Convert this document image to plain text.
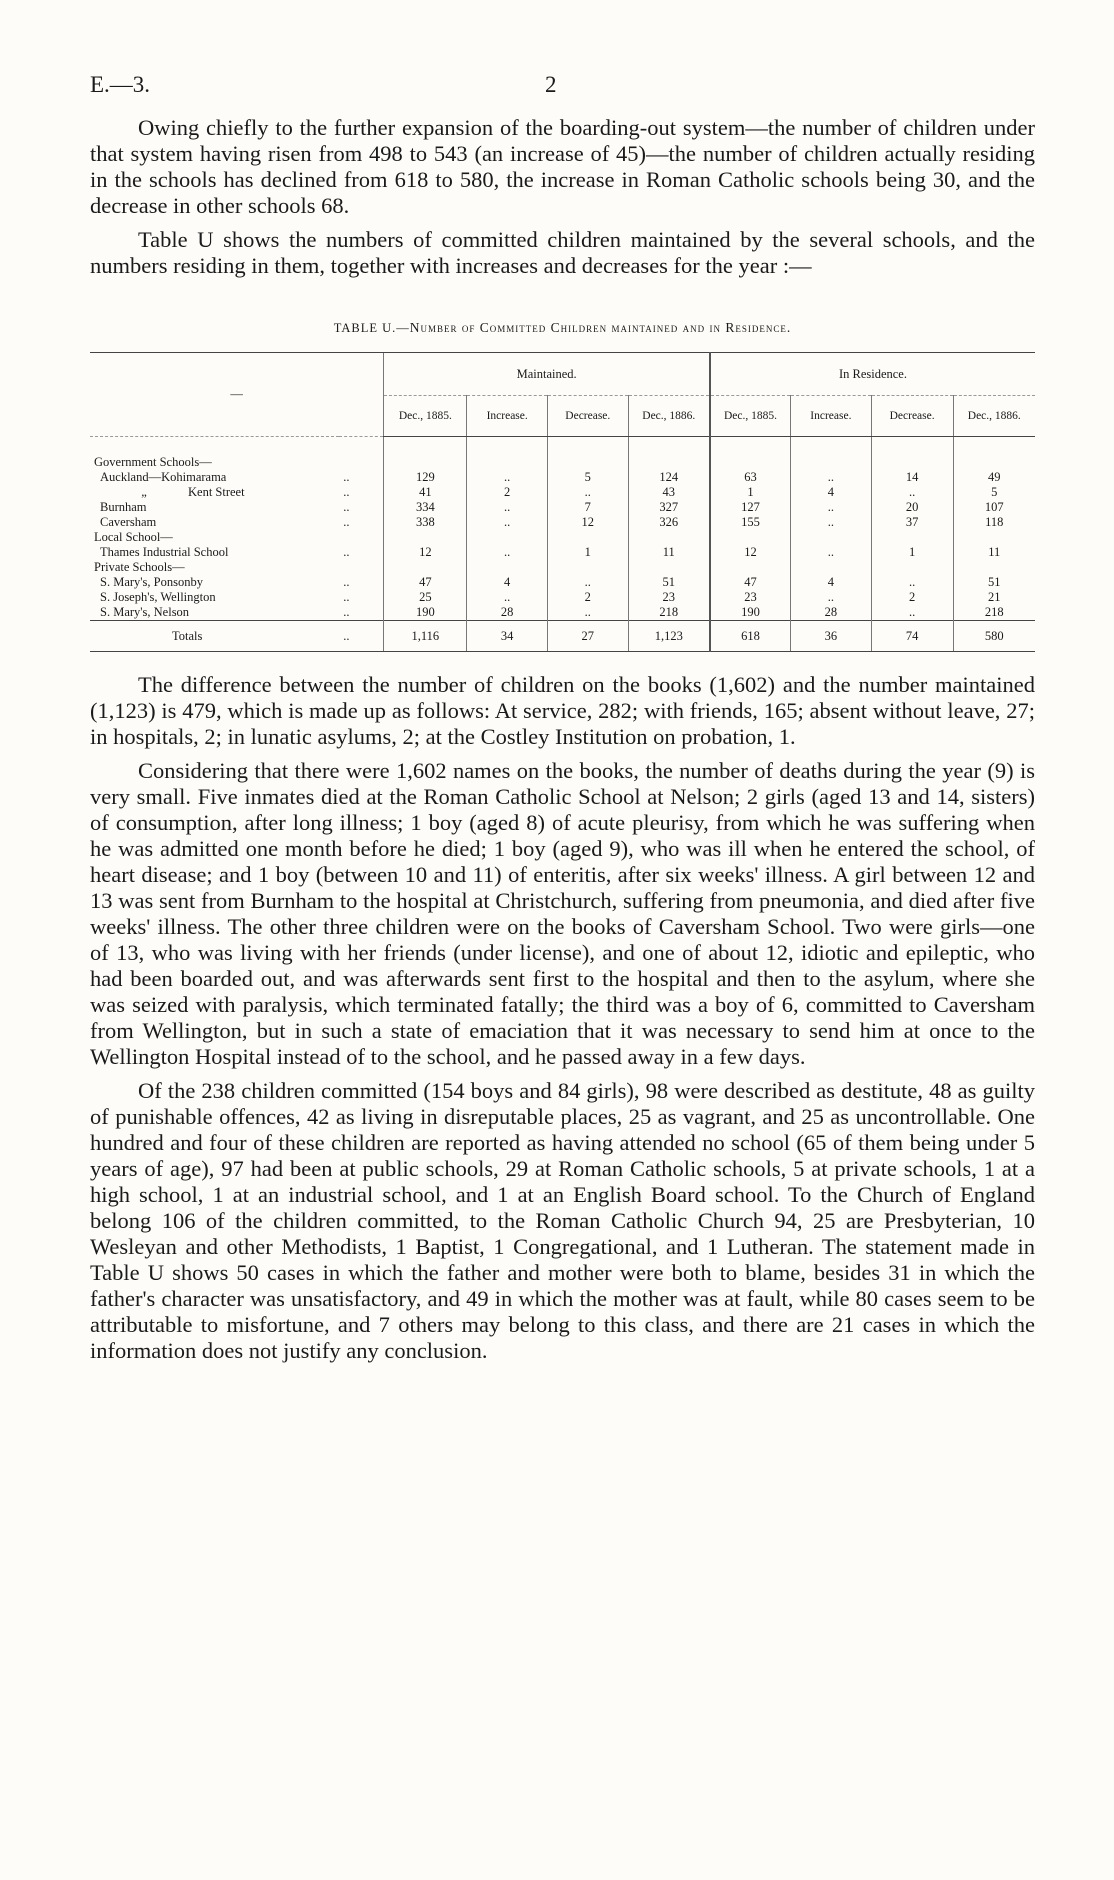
E.—3.	2

Owing chiefly to the further expansion of the boarding-out system—the number of children under that system having risen from 498 to 543 (an increase of 45)—the number of children actually residing in the schools has declined from 618 to 580, the increase in Roman Catholic schools being 30, and the decrease in other schools 68.

Table U shows the numbers of committed children maintained by the several schools, and the numbers residing in them, together with increases and decreases for the year :—

TABLE U.—Number of Committed Children maintained and in Residence.
—		Maintained.				In Residence.			
		Dec., 1885.	Increase.	Decrease.	Dec., 1886.	Dec., 1885.	Increase.	Decrease.	Dec., 1886.
Government Schools—									
Auckland—Kohimarama	..	129	..	5	124	63	..	14	49
„ Kent Street	..	41	2	..	43	1	4	..	5
Burnham	..	334	..	7	327	127	..	20	107
Caversham	..	338	..	12	326	155	..	37	118
Local School—									
Thames Industrial School	..	12	..	1	11	12	..	1	11
Private Schools—									
S. Mary's, Ponsonby	..	47	4	..	51	47	4	..	51
S. Joseph's, Wellington	..	25	..	2	23	23	..	2	21
S. Mary's, Nelson	..	190	28	..	218	190	28	..	218
Totals	..	1,116	34	27	1,123	618	36	74	580

The difference between the number of children on the books (1,602) and the number maintained (1,123) is 479, which is made up as follows: At service, 282; with friends, 165; absent without leave, 27; in hospitals, 2; in lunatic asylums, 2; at the Costley Institution on probation, 1.

Considering that there were 1,602 names on the books, the number of deaths during the year (9) is very small. Five inmates died at the Roman Catholic School at Nelson; 2 girls (aged 13 and 14, sisters) of consumption, after long illness; 1 boy (aged 8) of acute pleurisy, from which he was suffering when he was admitted one month before he died; 1 boy (aged 9), who was ill when he entered the school, of heart disease; and 1 boy (between 10 and 11) of enteritis, after six weeks' illness. A girl between 12 and 13 was sent from Burnham to the hospital at Christchurch, suffering from pneumonia, and died after five weeks' illness. The other three children were on the books of Caversham School. Two were girls—one of 13, who was living with her friends (under license), and one of about 12, idiotic and epileptic, who had been boarded out, and was afterwards sent first to the hospital and then to the asylum, where she was seized with paralysis, which terminated fatally; the third was a boy of 6, committed to Caversham from Wellington, but in such a state of emaciation that it was necessary to send him at once to the Wellington Hospital instead of to the school, and he passed away in a few days.

Of the 238 children committed (154 boys and 84 girls), 98 were described as destitute, 48 as guilty of punishable offences, 42 as living in disreputable places, 25 as vagrant, and 25 as uncontrollable. One hundred and four of these children are reported as having attended no school (65 of them being under 5 years of age), 97 had been at public schools, 29 at Roman Catholic schools, 5 at private schools, 1 at a high school, 1 at an industrial school, and 1 at an English Board school. To the Church of England belong 106 of the children committed, to the Roman Catholic Church 94, 25 are Presbyterian, 10 Wesleyan and other Methodists, 1 Baptist, 1 Congregational, and 1 Lutheran. The statement made in Table U shows 50 cases in which the father and mother were both to blame, besides 31 in which the father's character was unsatisfactory, and 49 in which the mother was at fault, while 80 cases seem to be attributable to misfortune, and 7 others may belong to this class, and there are 21 cases in which the information does not justify any conclusion.
